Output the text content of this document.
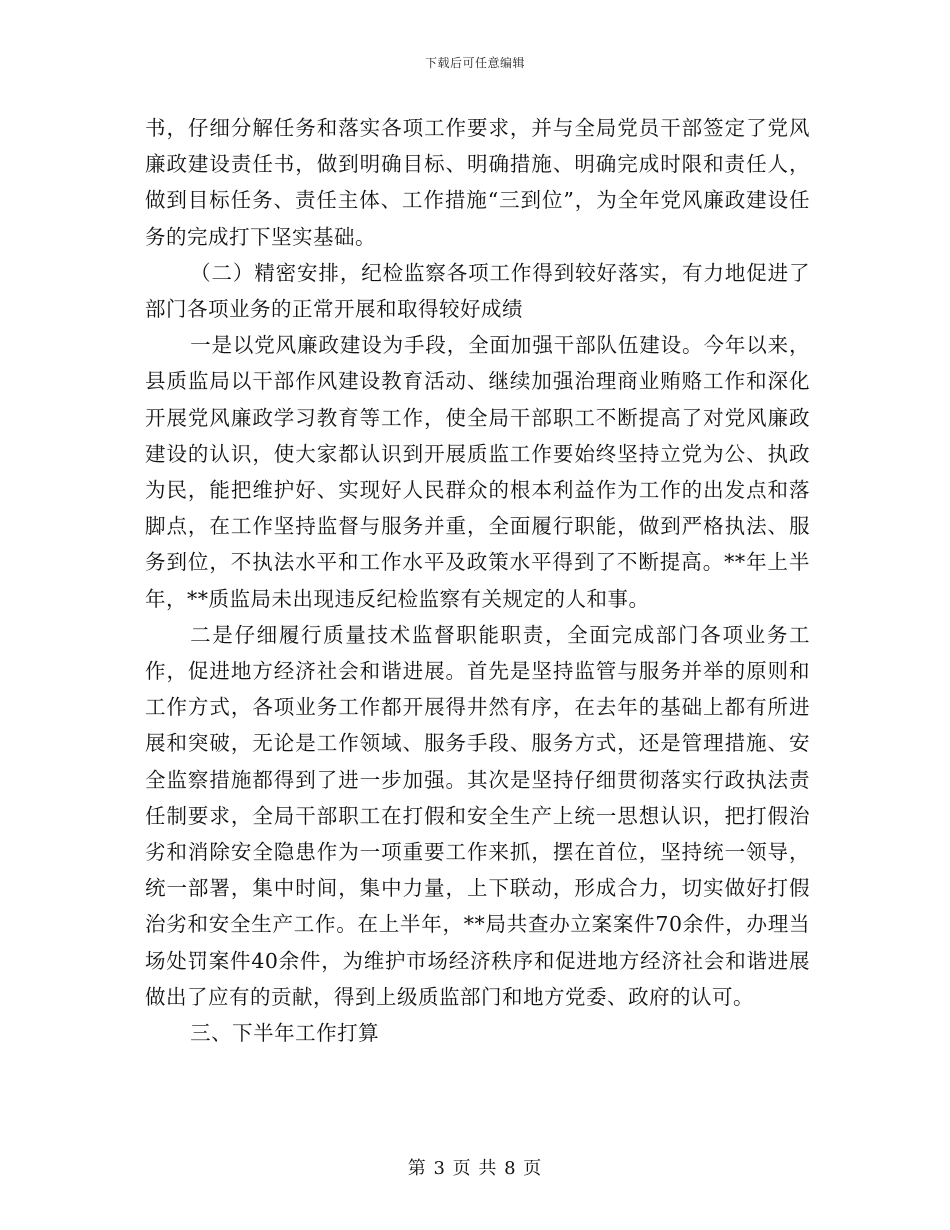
下载后可任意编辑

书，仔细分解任务和落实各项工作要求，并与全局党员干部签定了党风廉政建设责任书，做到明确目标、明确措施、明确完成时限和责任人，做到目标任务、责任主体、工作措施“三到位”，为全年党风廉政建设任务的完成打下坚实基础。

（二）精密安排，纪检监察各项工作得到较好落实，有力地促进了部门各项业务的正常开展和取得较好成绩

一是以党风廉政建设为手段，全面加强干部队伍建设。今年以来，县质监局以干部作风建设教育活动、继续加强治理商业贿赂工作和深化开展党风廉政学习教育等工作，使全局干部职工不断提高了对党风廉政建设的认识，使大家都认识到开展质监工作要始终坚持立党为公、执政为民，能把维护好、实现好人民群众的根本利益作为工作的出发点和落脚点，在工作坚持监督与服务并重，全面履行职能，做到严格执法、服务到位，不执法水平和工作水平及政策水平得到了不断提高。**年上半年，**质监局未出现违反纪检监察有关规定的人和事。

二是仔细履行质量技术监督职能职责，全面完成部门各项业务工作，促进地方经济社会和谐进展。首先是坚持监管与服务并举的原则和工作方式，各项业务工作都开展得井然有序，在去年的基础上都有所进展和突破，无论是工作领域、服务手段、服务方式，还是管理措施、安全监察措施都得到了进一步加强。其次是坚持仔细贯彻落实行政执法责任制要求，全局干部职工在打假和安全生产上统一思想认识，把打假治劣和消除安全隐患作为一项重要工作来抓，摆在首位，坚持统一领导，统一部署，集中时间，集中力量，上下联动，形成合力，切实做好打假治劣和安全生产工作。在上半年，**局共查办立案案件70余件，办理当场处罚案件40余件，为维护市场经济秩序和促进地方经济社会和谐进展做出了应有的贡献，得到上级质监部门和地方党委、政府的认可。

三、下半年工作打算

第 3 页 共 8 页
